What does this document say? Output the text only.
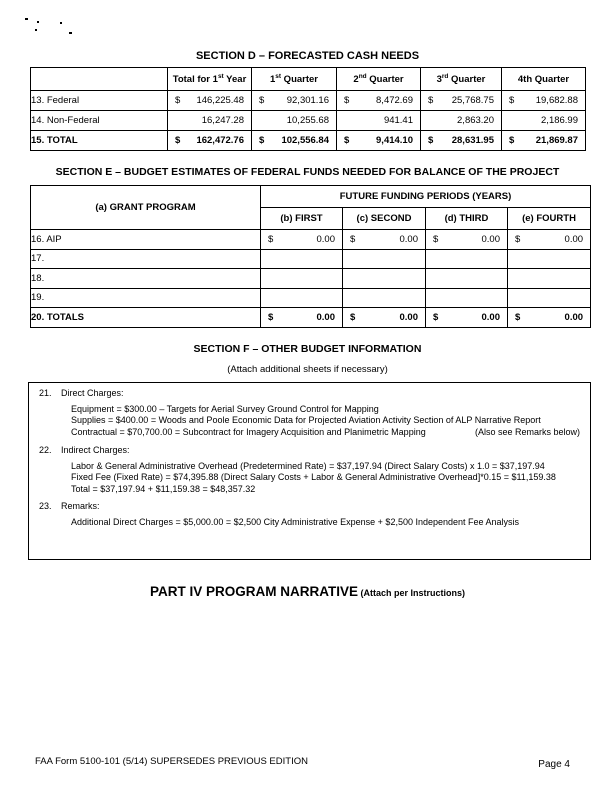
SECTION D – FORECASTED CASH NEEDS
	Total for 1st Year	1st Quarter	2nd Quarter	3rd Quarter	4th Quarter
13. Federal	$ 146,225.48	$ 92,301.16	$ 8,472.69	$ 25,768.75	$ 19,682.88

14. Non-Federal	16,247.28	10,255.68	941.41	2,863.20	2,186.99

15. TOTAL	$ 162,472.76	$ 102,556.84	$ 9,414.10	$ 28,631.95	$ 21,869.87
SECTION E – BUDGET ESTIMATES OF FEDERAL FUNDS NEEDED FOR BALANCE OF THE PROJECT
(a) GRANT PROGRAM	FUTURE FUNDING PERIODS (YEARS)			
	(b) FIRST	(c) SECOND	(d) THIRD	(e) FOURTH
16. AIP	$ 0.00	$ 0.00	$ 0.00	$ 0.00

17.				
18.				
19.				
20. TOTALS	$ 0.00	$ 0.00	$ 0.00	$ 0.00
SECTION F – OTHER BUDGET INFORMATION
(Attach additional sheets if necessary)
21.	Direct Charges:
Equipment = $300.00 – Targets for Aerial Survey Ground Control for Mapping
Supplies = $400.00 = Woods and Poole Economic Data for Projected Aviation Activity Section of ALP Narrative Report
Contractual = $70,700.00 = Subcontract for Imagery Acquisition and Planimetric Mapping	(Also see Remarks below)
22.	Indirect Charges:
Labor & General Administrative Overhead (Predetermined Rate) = $37,197.94 (Direct Salary Costs) x 1.0 = $37,197.94
Fixed Fee (Fixed Rate) = $74,395.88 (Direct Salary Costs + Labor & General Administrative Overhead]*0.15 = $11,159.38
Total = $37,197.94 + $11,159.38 = $48,357.32
23.	Remarks:
Additional Direct Charges = $5,000.00 = $2,500 City Administrative Expense + $2,500 Independent Fee Analysis
PART IV PROGRAM NARRATIVE (Attach per Instructions)
FAA Form 5100-101 (5/14) SUPERSEDES PREVIOUS EDITION	Page 4
